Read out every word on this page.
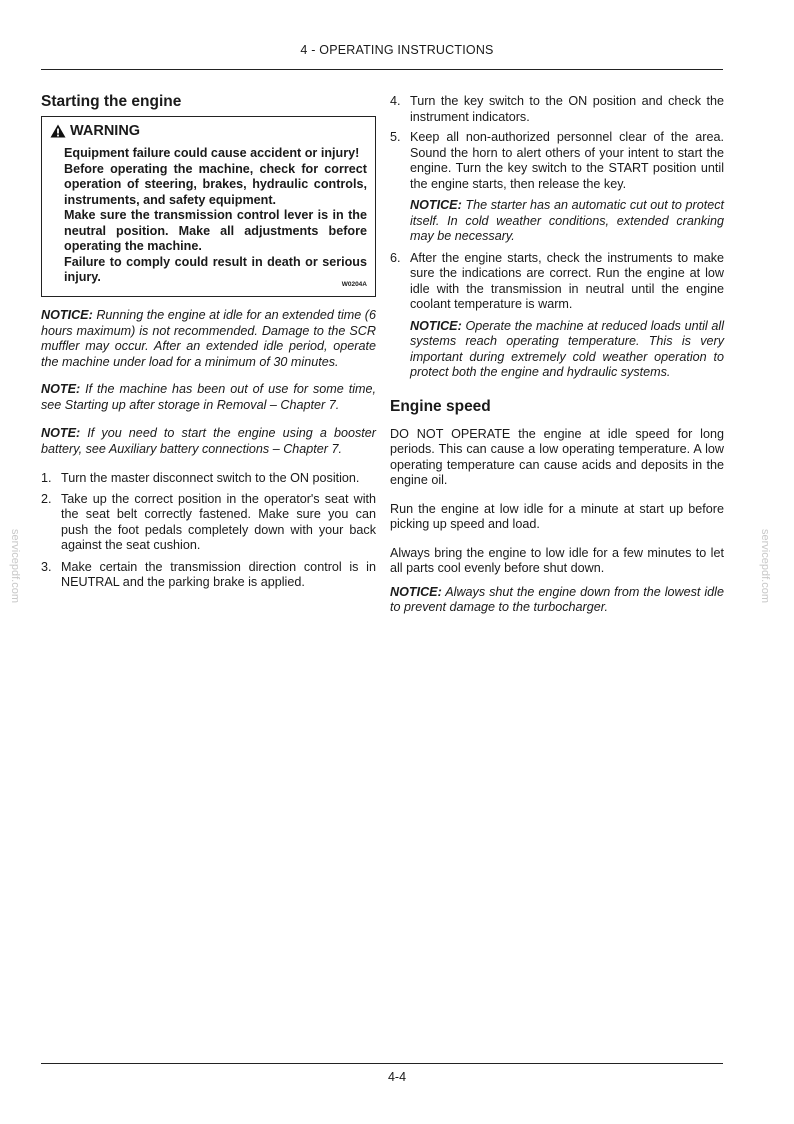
4 - OPERATING INSTRUCTIONS
Starting the engine
WARNING

Equipment failure could cause accident or injury!

Before operating the machine, check for correct operation of steering, brakes, hydraulic controls, instruments, and safety equipment.

Make sure the transmission control lever is in the neutral position. Make all adjustments before operating the machine.

Failure to comply could result in death or serious injury.	W0204A

NOTICE: Running the engine at idle for an extended time (6 hours maximum) is not recommended. Damage to the SCR muffler may occur. After an extended idle period, operate the machine under load for a minimum of 30 minutes.

NOTE: If the machine has been out of use for some time, see Starting up after storage in Removal – Chapter 7.

NOTE: If you need to start the engine using a booster battery, see Auxiliary battery connections – Chapter 7.

1. Turn the master disconnect switch to the ON position.
2. Take up the correct position in the operator's seat with the seat belt correctly fastened. Make sure you can push the foot pedals completely down with your back against the seat cushion.
3. Make certain the transmission direction control is in NEUTRAL and the parking brake is applied.
4. Turn the key switch to the ON position and check the instrument indicators.
5. Keep all non-authorized personnel clear of the area. Sound the horn to alert others of your intent to start the engine. Turn the key switch to the START position until the engine starts, then release the key.

NOTICE: The starter has an automatic cut out to protect itself. In cold weather conditions, extended cranking may be necessary.

6. After the engine starts, check the instruments to make sure the indications are correct. Run the engine at low idle with the transmission in neutral until the engine coolant temperature is warm.

NOTICE: Operate the machine at reduced loads until all systems reach operating temperature. This is very important during extremely cold weather operation to protect both the engine and hydraulic systems.

Engine speed

DO NOT OPERATE the engine at idle speed for long periods. This can cause a low operating temperature. A low operating temperature can cause acids and deposits in the engine oil.

Run the engine at low idle for a minute at start up before picking up speed and load.

Always bring the engine to low idle for a few minutes to let all parts cool evenly before shut down.

NOTICE: Always shut the engine down from the lowest idle to prevent damage to the turbocharger.

servicepdf.com	servicepdf.com
4-4
